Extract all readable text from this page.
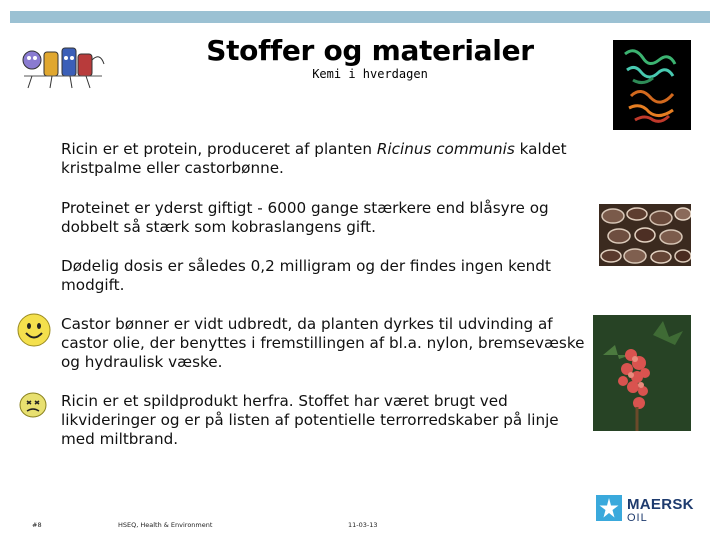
Stoffer og materialer
Kemi i hverdagen
Ricin er et protein, produceret af planten Ricinus communis kaldet kristpalme eller castorbønne.
Proteinet er yderst giftigt - 6000 gange stærkere end blåsyre og dobbelt så stærk som kobraslangens gift.
Dødelig dosis er således 0,2 milligram og der findes ingen kendt modgift.
Castor bønner er vidt udbredt, da planten dyrkes til udvinding af castor olie, der benyttes i fremstillingen af bl.a. nylon, bremsevæske og hydraulisk væske.
Ricin er et spildprodukt herfra. Stoffet har været brugt ved likvideringer og er på listen af potentielle terrorredskaber på linje med miltbrand.
#8	HSEQ, Health & Environment	11-03-13
MAERSK
OIL
